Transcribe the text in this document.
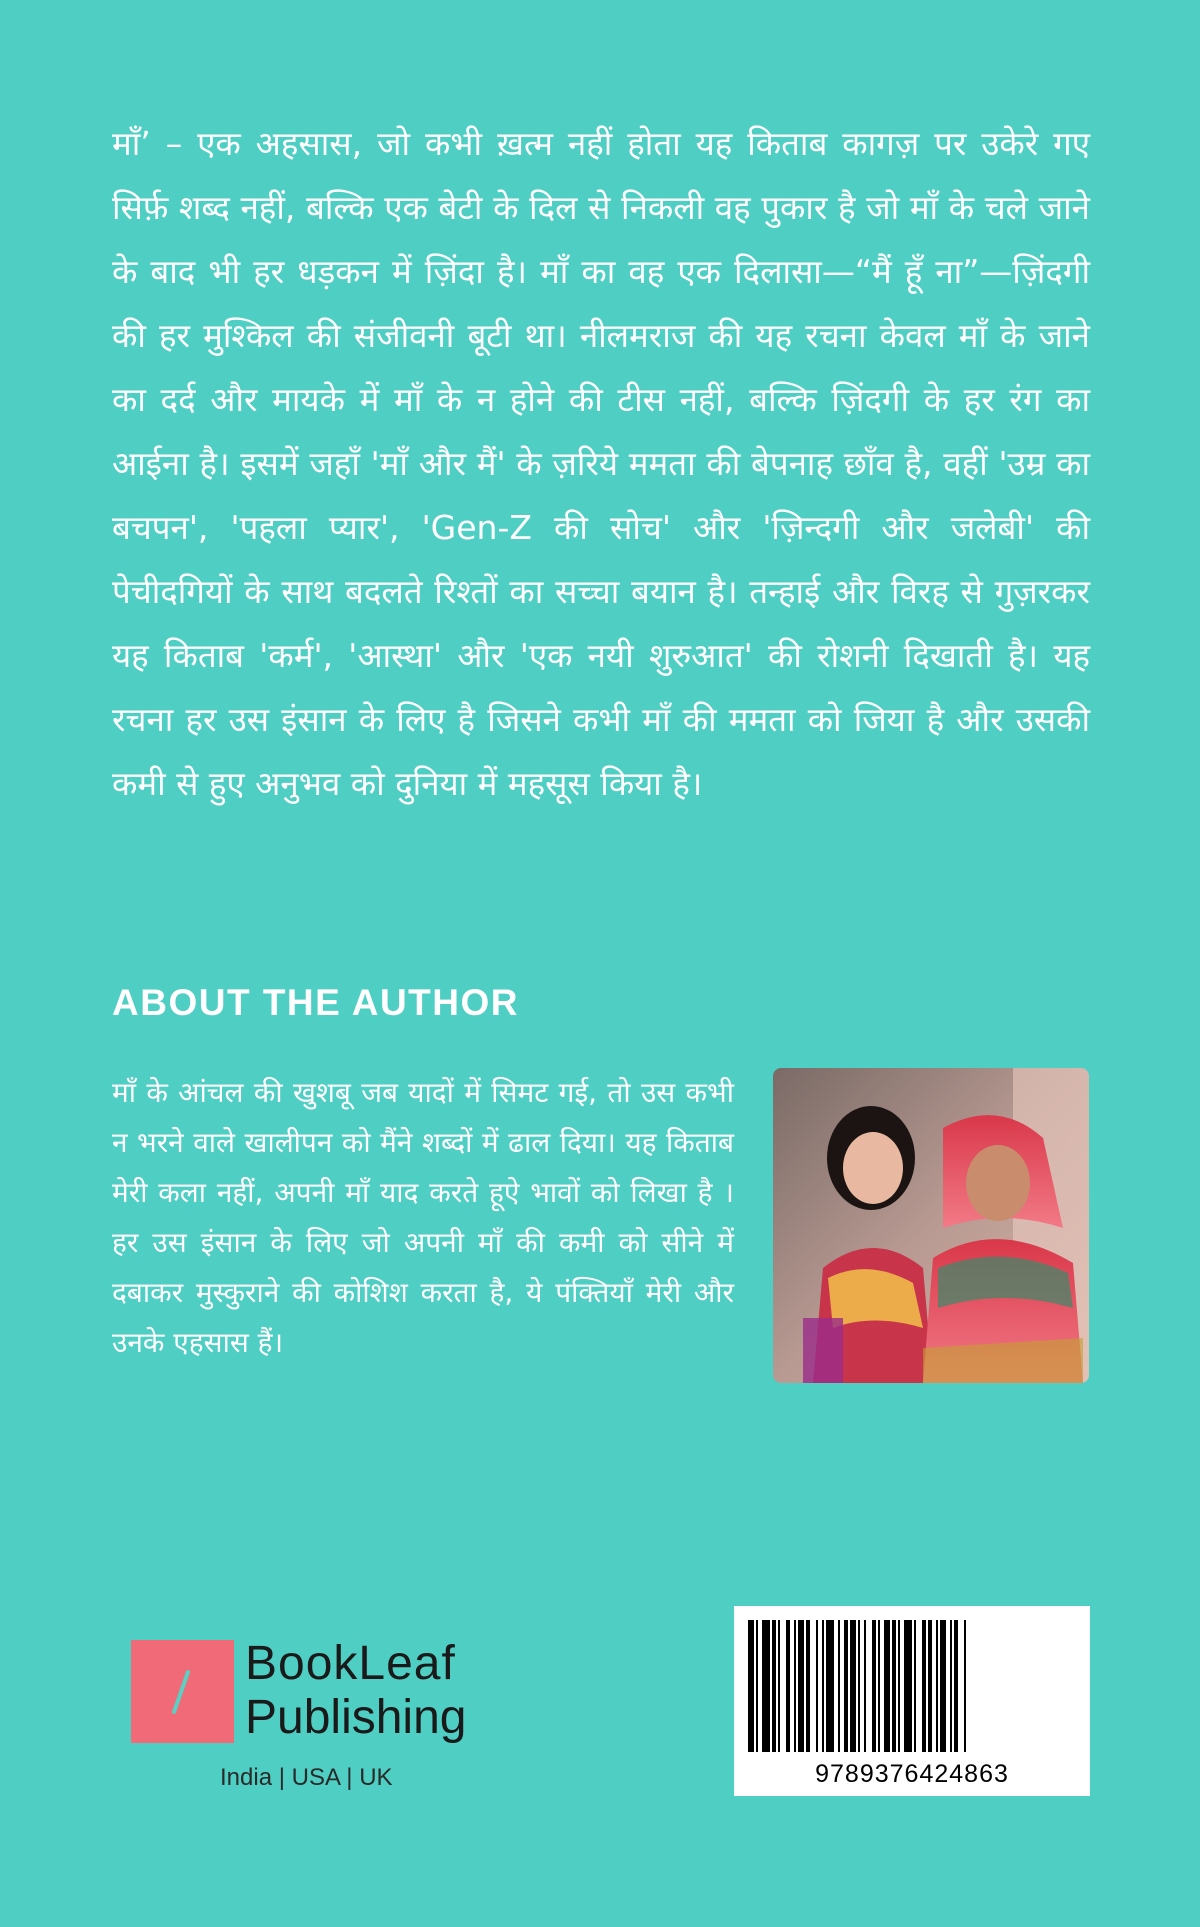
माँ’ – एक अहसास, जो कभी ख़त्म नहीं होता यह किताब कागज़ पर उकेरे गए सिर्फ़ शब्द नहीं, बल्कि एक बेटी के दिल से निकली वह पुकार है जो माँ के चले जाने के बाद भी हर धड़कन में ज़िंदा है। माँ का वह एक दिलासा—“मैं हूँ ना”—ज़िंदगी की हर मुश्किल की संजीवनी बूटी था। नीलमराज की यह रचना केवल माँ के जाने का दर्द और मायके में माँ के न होने की टीस नहीं, बल्कि ज़िंदगी के हर रंग का आईना है। इसमें जहाँ 'माँ और मैं' के ज़रिये ममता की बेपनाह छाँव है, वहीं 'उम्र का बचपन', 'पहला प्यार', 'Gen-Z की सोच' और 'ज़िन्दगी और जलेबी' की पेचीदगियों के साथ बदलते रिश्तों का सच्चा बयान है। तन्हाई और विरह से गुज़रकर यह किताब 'कर्म', 'आस्था' और 'एक नयी शुरुआत' की रोशनी दिखाती है। यह रचना हर उस इंसान के लिए है जिसने कभी माँ की ममता को जिया है और उसकी कमी से हुए अनुभव को दुनिया में महसूस किया है।

ABOUT THE AUTHOR

माँ के आंचल की खुशबू जब यादों में सिमट गई, तो उस कभी न भरने वाले खालीपन को मैंने शब्दों में ढाल दिया। यह किताब मेरी कला नहीं, अपनी माँ याद करते हूऐ भावों को लिखा है । हर उस इंसान के लिए जो अपनी माँ की कमी को सीने में दबाकर मुस्कुराने की कोशिश करता है, ये पंक्तियाँ मेरी और उनके एहसास हैं।

BookLeaf
Publishing
India | USA | UK	9789376424863
